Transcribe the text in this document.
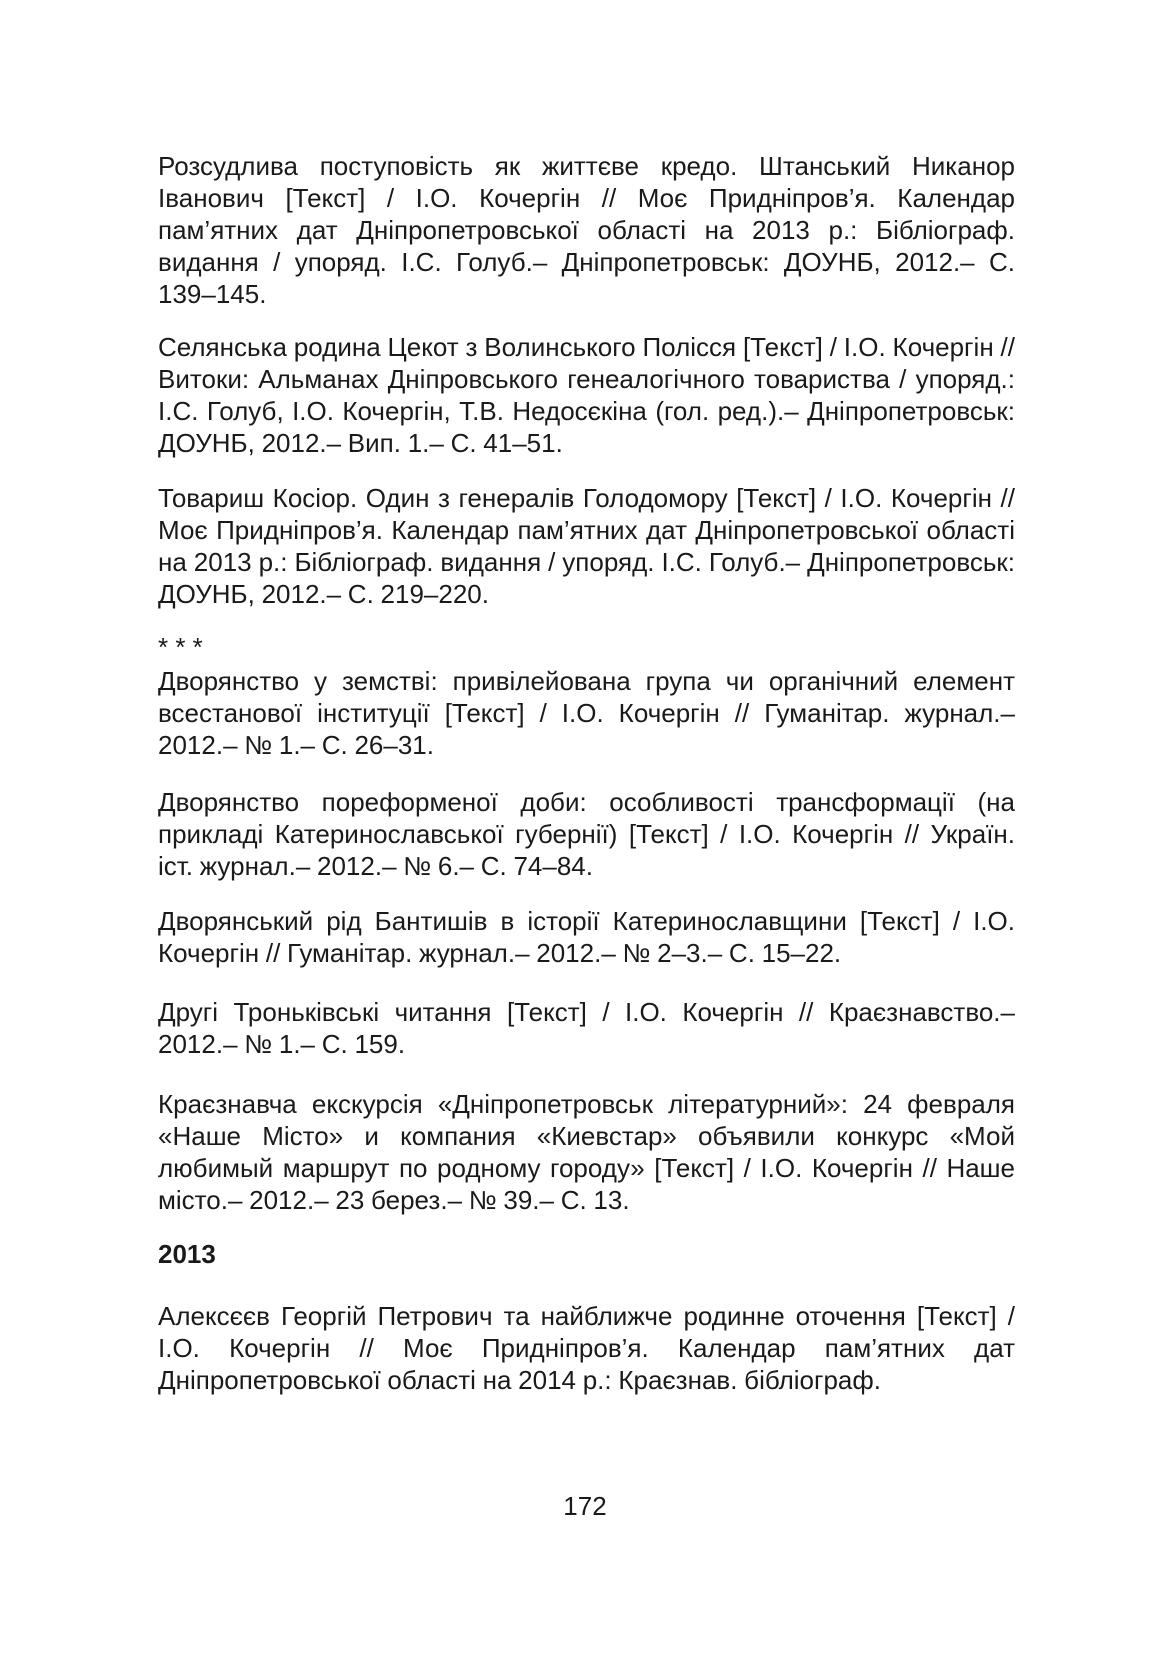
Розсудлива поступовість як життєве кредо. Штанський Никанор Іванович [Текст] / І.О. Кочергін // Моє Придніпров’я. Календар пам’ятних дат Дніпропетровської області на 2013 р.: Бібліограф. видання / упоряд. І.С. Голуб.– Дніпропетровськ: ДОУНБ, 2012.– С. 139–145.

Селянська родина Цекот з Волинського Полісся [Текст] / І.О. Кочергін // Витоки: Альманах Дніпровського генеалогічного товариства / упоряд.: І.С. Голуб, І.О. Кочергін, Т.В. Недосєкіна (гол. ред.).– Дніпропетровськ: ДОУНБ, 2012.– Вип. 1.– С. 41–51.

Товариш Косіор. Один з генералів Голодомору [Текст] / І.О. Кочергін // Моє Придніпров’я. Календар пам’ятних дат Дніпропетровської області на 2013 р.: Бібліограф. видання / упоряд. І.С. Голуб.– Дніпропетровськ: ДОУНБ, 2012.– С. 219–220.

* * *

Дворянство у земстві: привілейована група чи органічний елемент всестанової інституції [Текст] / І.О. Кочергін // Гуманітар. журнал.– 2012.– № 1.– С. 26–31.

Дворянство пореформеної доби: особливості трансформації (на прикладі Катеринославської губернії) [Текст] / І.О. Кочергін // Україн. іст. журнал.– 2012.– № 6.– С. 74–84.

Дворянський рід Бантишів в історії Катеринославщини [Текст] / І.О. Кочергін // Гуманітар. журнал.– 2012.– № 2–3.– С. 15–22.

Другі Троньківські читання [Текст] / І.О. Кочергін // Краєзнавство.– 2012.– № 1.– С. 159.

Краєзнавча екскурсія «Дніпропетровськ літературний»: 24 февраля «Наше Місто» и компания «Киевстар» объявили конкурс «Мой любимый маршрут по родному городу» [Текст] / І.О. Кочергін // Наше місто.– 2012.– 23 берез.– № 39.– С. 13.

2013

Алексєєв Георгій Петрович та найближче родинне оточення [Текст] / І.О. Кочергін // Моє Придніпров’я. Календар пам’ятних дат Дніпропетровської області на 2014 р.: Краєзнав. бібліограф.

172
